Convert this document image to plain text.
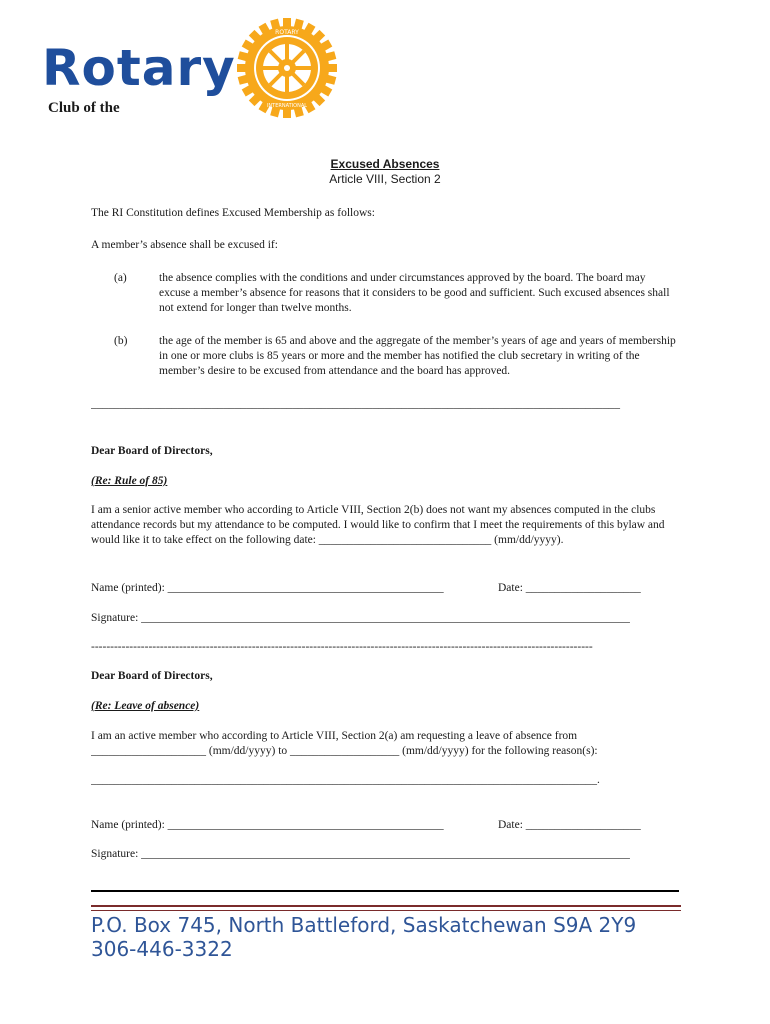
Rotary
ROTARY
INTERNATIONAL
Club of the
Excused Absences
Article VIII, Section 2
The RI Constitution defines Excused Membership as follows:
A member’s absence shall be excused if:
(a)	the absence complies with the conditions and under circumstances approved by the board. The board may excuse a member’s absence for reasons that it considers to be good and sufficient. Such excused absences shall not extend for longer than twelve months.
(b)	the age of the member is 65 and above and the aggregate of the member’s years of age and years of membership in one or more clubs is 85 years or more and the member has notified the club secretary in writing of the member’s desire to be excused from attendance and the board has approved.
____________________________________________________________________________________________
Dear Board of Directors,
(Re: Rule of 85)
I am a senior active member who according to Article VIII, Section 2(b) does not want my absences computed in the clubs attendance records but my attendance to be computed. I would like to confirm that I meet the requirements of this bylaw and would like it to take effect on the following date: ______________________________ (mm/dd/yyyy).
Name (printed): ________________________________________________	Date: ____________________
Signature: _____________________________________________________________________________________
-----------------------------------------------------------------------------------------------------------------------------------
Dear Board of Directors,
(Re: Leave of absence)
I am an active member who according to Article VIII, Section 2(a) am requesting a leave of absence from
____________________ (mm/dd/yyyy) to ___________________ (mm/dd/yyyy) for the following reason(s):
________________________________________________________________________________________.
Name (printed): ________________________________________________	Date: ____________________
Signature: _____________________________________________________________________________________
P.O. Box 745, North Battleford, Saskatchewan S9A 2Y9
306-446-3322
